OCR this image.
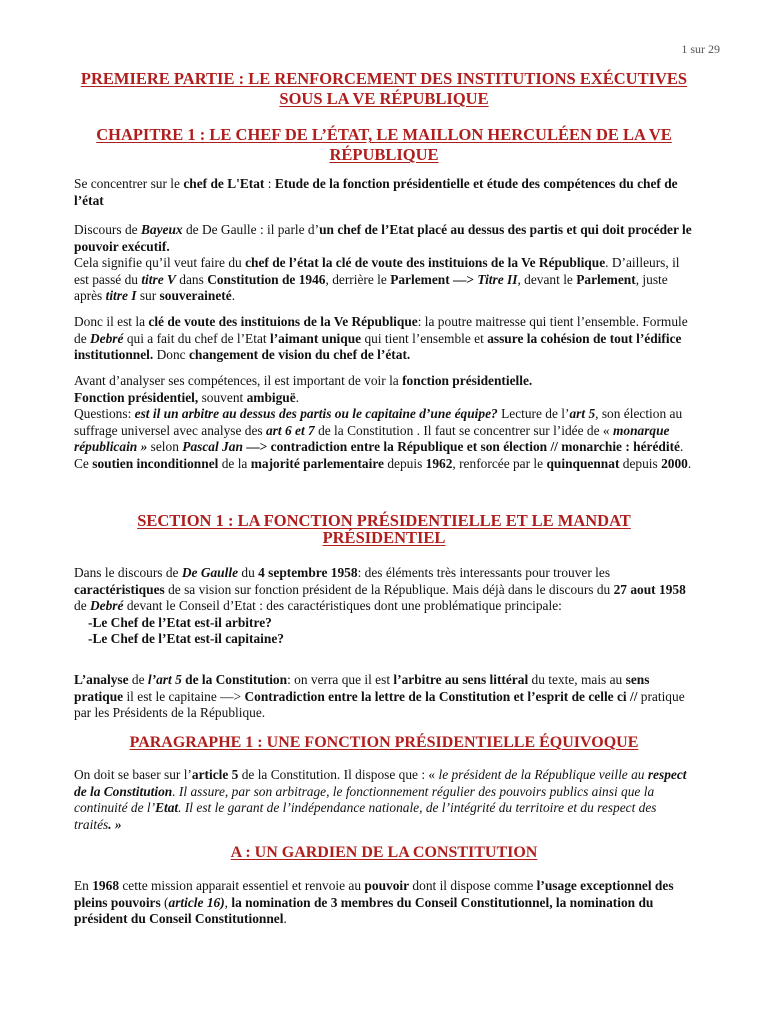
1 sur 29
PREMIERE PARTIE : LE RENFORCEMENT DES INSTITUTIONS EXÉCUTIVES SOUS LA VE RÉPUBLIQUE
CHAPITRE 1 : LE CHEF DE L’ÉTAT, LE MAILLON HERCULÉEN DE LA VE RÉPUBLIQUE

Se concentrer sur le chef de L'Etat : Etude de la fonction présidentielle et étude des compétences du chef de l’état

Discours de Bayeux de De Gaulle : il parle d’un chef de l’Etat placé au dessus des partis et qui doit procéder le pouvoir exécutif.

Cela signifie qu’il veut faire du chef de l’état la clé de voute des instituions de la Ve République. D’ailleurs, il est passé du titre V dans Constitution de 1946, derrière le Parlement —> Titre II, devant le Parlement, juste après titre I sur souveraineté.

Donc il est la clé de voute des instituions de la Ve République: la poutre maitresse qui tient l’ensemble. Formule de Debré qui a fait du chef de l’Etat l’aimant unique qui tient l’ensemble et assure la cohésion de tout l’édifice institutionnel. Donc changement de vision du chef de l’état.

Avant d’analyser ses compétences, il est important de voir la fonction présidentielle.

Fonction présidentiel, souvent ambiguë.

Questions: est il un arbitre au dessus des partis ou le capitaine d’une équipe? Lecture de l’art 5, son élection au suffrage universel avec analyse des art 6 et 7 de la Constitution . Il faut se concentrer sur l’idée de « monarque républicain » selon Pascal Jan —> contradiction entre la République et son élection // monarchie : hérédité.

Ce soutien inconditionnel de la majorité parlementaire depuis 1962, renforcée par le quinquennat depuis 2000.

SECTION 1 : LA FONCTION PRÉSIDENTIELLE ET LE MANDAT PRÉSIDENTIEL

Dans le discours de De Gaulle du 4 septembre 1958: des éléments très interessants pour trouver les caractéristiques de sa vision sur fonction président de la République. Mais déjà dans le discours du 27 aout 1958 de Debré devant le Conseil d’Etat : des caractéristiques dont une problématique principale:

-Le Chef de l’Etat est-il arbitre?

-Le Chef de l’Etat est-il capitaine?

L’analyse de l’art 5 de la Constitution: on verra que il est l’arbitre au sens littéral du texte, mais au sens pratique il est le capitaine —> Contradiction entre la lettre de la Constitution et l’esprit de celle ci // pratique par les Présidents de la République.

PARAGRAPHE 1 : UNE FONCTION PRÉSIDENTIELLE ÉQUIVOQUE

On doit se baser sur l’article 5 de la Constitution. Il dispose que : « le président de la République veille au respect de la Constitution. Il assure, par son arbitrage, le fonctionnement régulier des pouvoirs publics ainsi que la continuité de l’Etat. Il est le garant de l’indépendance nationale, de l’intégrité du territoire et du respect des traités. »

A : UN GARDIEN DE LA CONSTITUTION

En 1968 cette mission apparait essentiel et renvoie au pouvoir dont il dispose comme l’usage exceptionnel des pleins pouvoirs (article 16), la nomination de 3 membres du Conseil Constitutionnel, la nomination du président du Conseil Constitutionnel.
